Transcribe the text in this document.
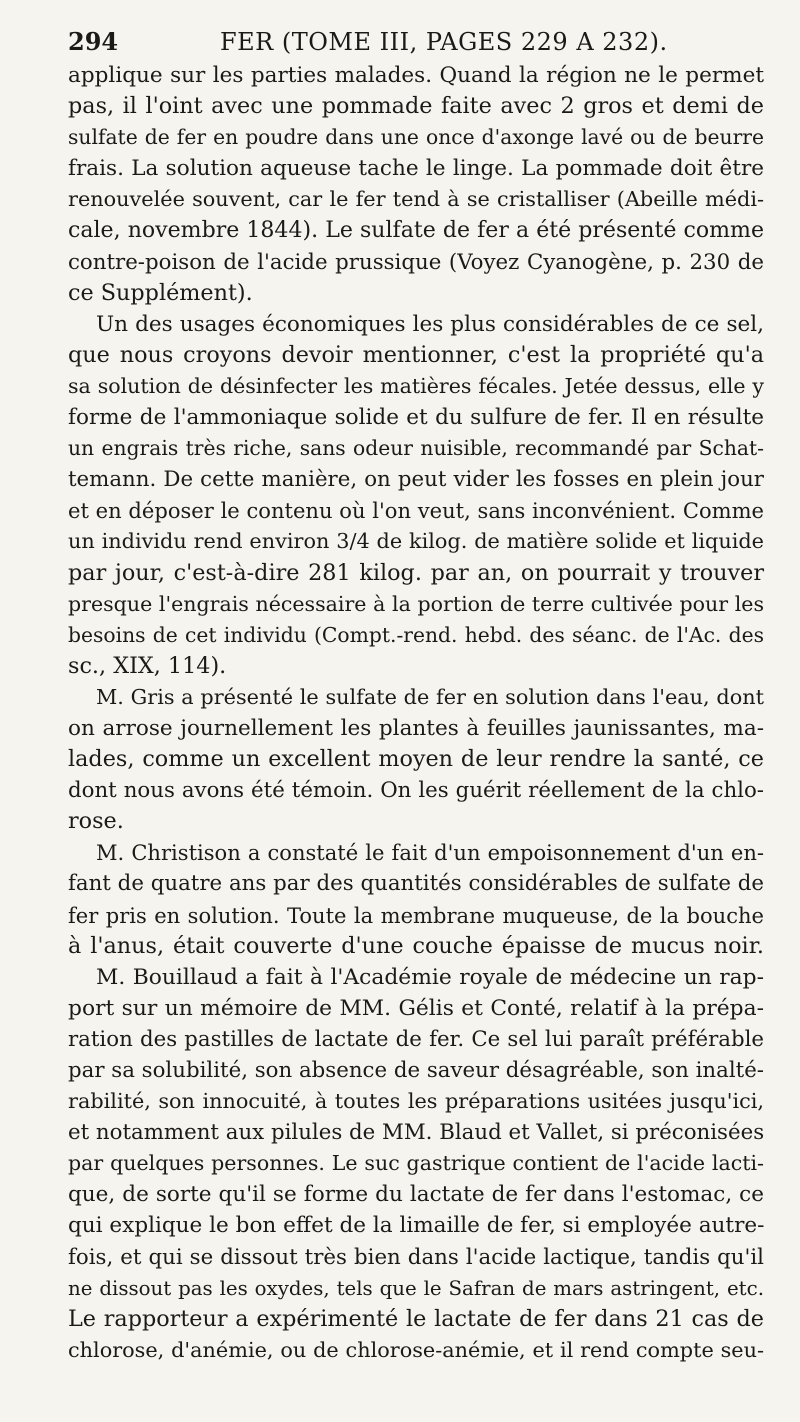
294	FER (TOME III, PAGES 229 A 232).
applique sur les parties malades. Quand la région ne le permet
pas, il l'oint avec une pommade faite avec 2 gros et demi de
sulfate de fer en poudre dans une once d'axonge lavé ou de beurre
frais. La solution aqueuse tache le linge. La pommade doit être
renouvelée souvent, car le fer tend à se cristalliser (Abeille médi-
cale, novembre 1844). Le sulfate de fer a été présenté comme
contre-poison de l'acide prussique (Voyez Cyanogène, p. 230 de
ce Supplément).
Un des usages économiques les plus considérables de ce sel,
que nous croyons devoir mentionner, c'est la propriété qu'a
sa solution de désinfecter les matières fécales. Jetée dessus, elle y
forme de l'ammoniaque solide et du sulfure de fer. Il en résulte
un engrais très riche, sans odeur nuisible, recommandé par Schat-
temann. De cette manière, on peut vider les fosses en plein jour
et en déposer le contenu où l'on veut, sans inconvénient. Comme
un individu rend environ 3/4 de kilog. de matière solide et liquide
par jour, c'est-à-dire 281 kilog. par an, on pourrait y trouver
presque l'engrais nécessaire à la portion de terre cultivée pour les
besoins de cet individu (Compt.-rend. hebd. des séanc. de l'Ac. des
sc., XIX, 114).
M. Gris a présenté le sulfate de fer en solution dans l'eau, dont
on arrose journellement les plantes à feuilles jaunissantes, ma-
lades, comme un excellent moyen de leur rendre la santé, ce
dont nous avons été témoin. On les guérit réellement de la chlo-
rose.
M. Christison a constaté le fait d'un empoisonnement d'un en-
fant de quatre ans par des quantités considérables de sulfate de
fer pris en solution. Toute la membrane muqueuse, de la bouche
à l'anus, était couverte d'une couche épaisse de mucus noir.
M. Bouillaud a fait à l'Académie royale de médecine un rap-
port sur un mémoire de MM. Gélis et Conté, relatif à la prépa-
ration des pastilles de lactate de fer. Ce sel lui paraît préférable
par sa solubilité, son absence de saveur désagréable, son inalté-
rabilité, son innocuité, à toutes les préparations usitées jusqu'ici,
et notamment aux pilules de MM. Blaud et Vallet, si préconisées
par quelques personnes. Le suc gastrique contient de l'acide lacti-
que, de sorte qu'il se forme du lactate de fer dans l'estomac, ce
qui explique le bon effet de la limaille de fer, si employée autre-
fois, et qui se dissout très bien dans l'acide lactique, tandis qu'il
ne dissout pas les oxydes, tels que le Safran de mars astringent, etc.
Le rapporteur a expérimenté le lactate de fer dans 21 cas de
chlorose, d'anémie, ou de chlorose-anémie, et il rend compte seu-
